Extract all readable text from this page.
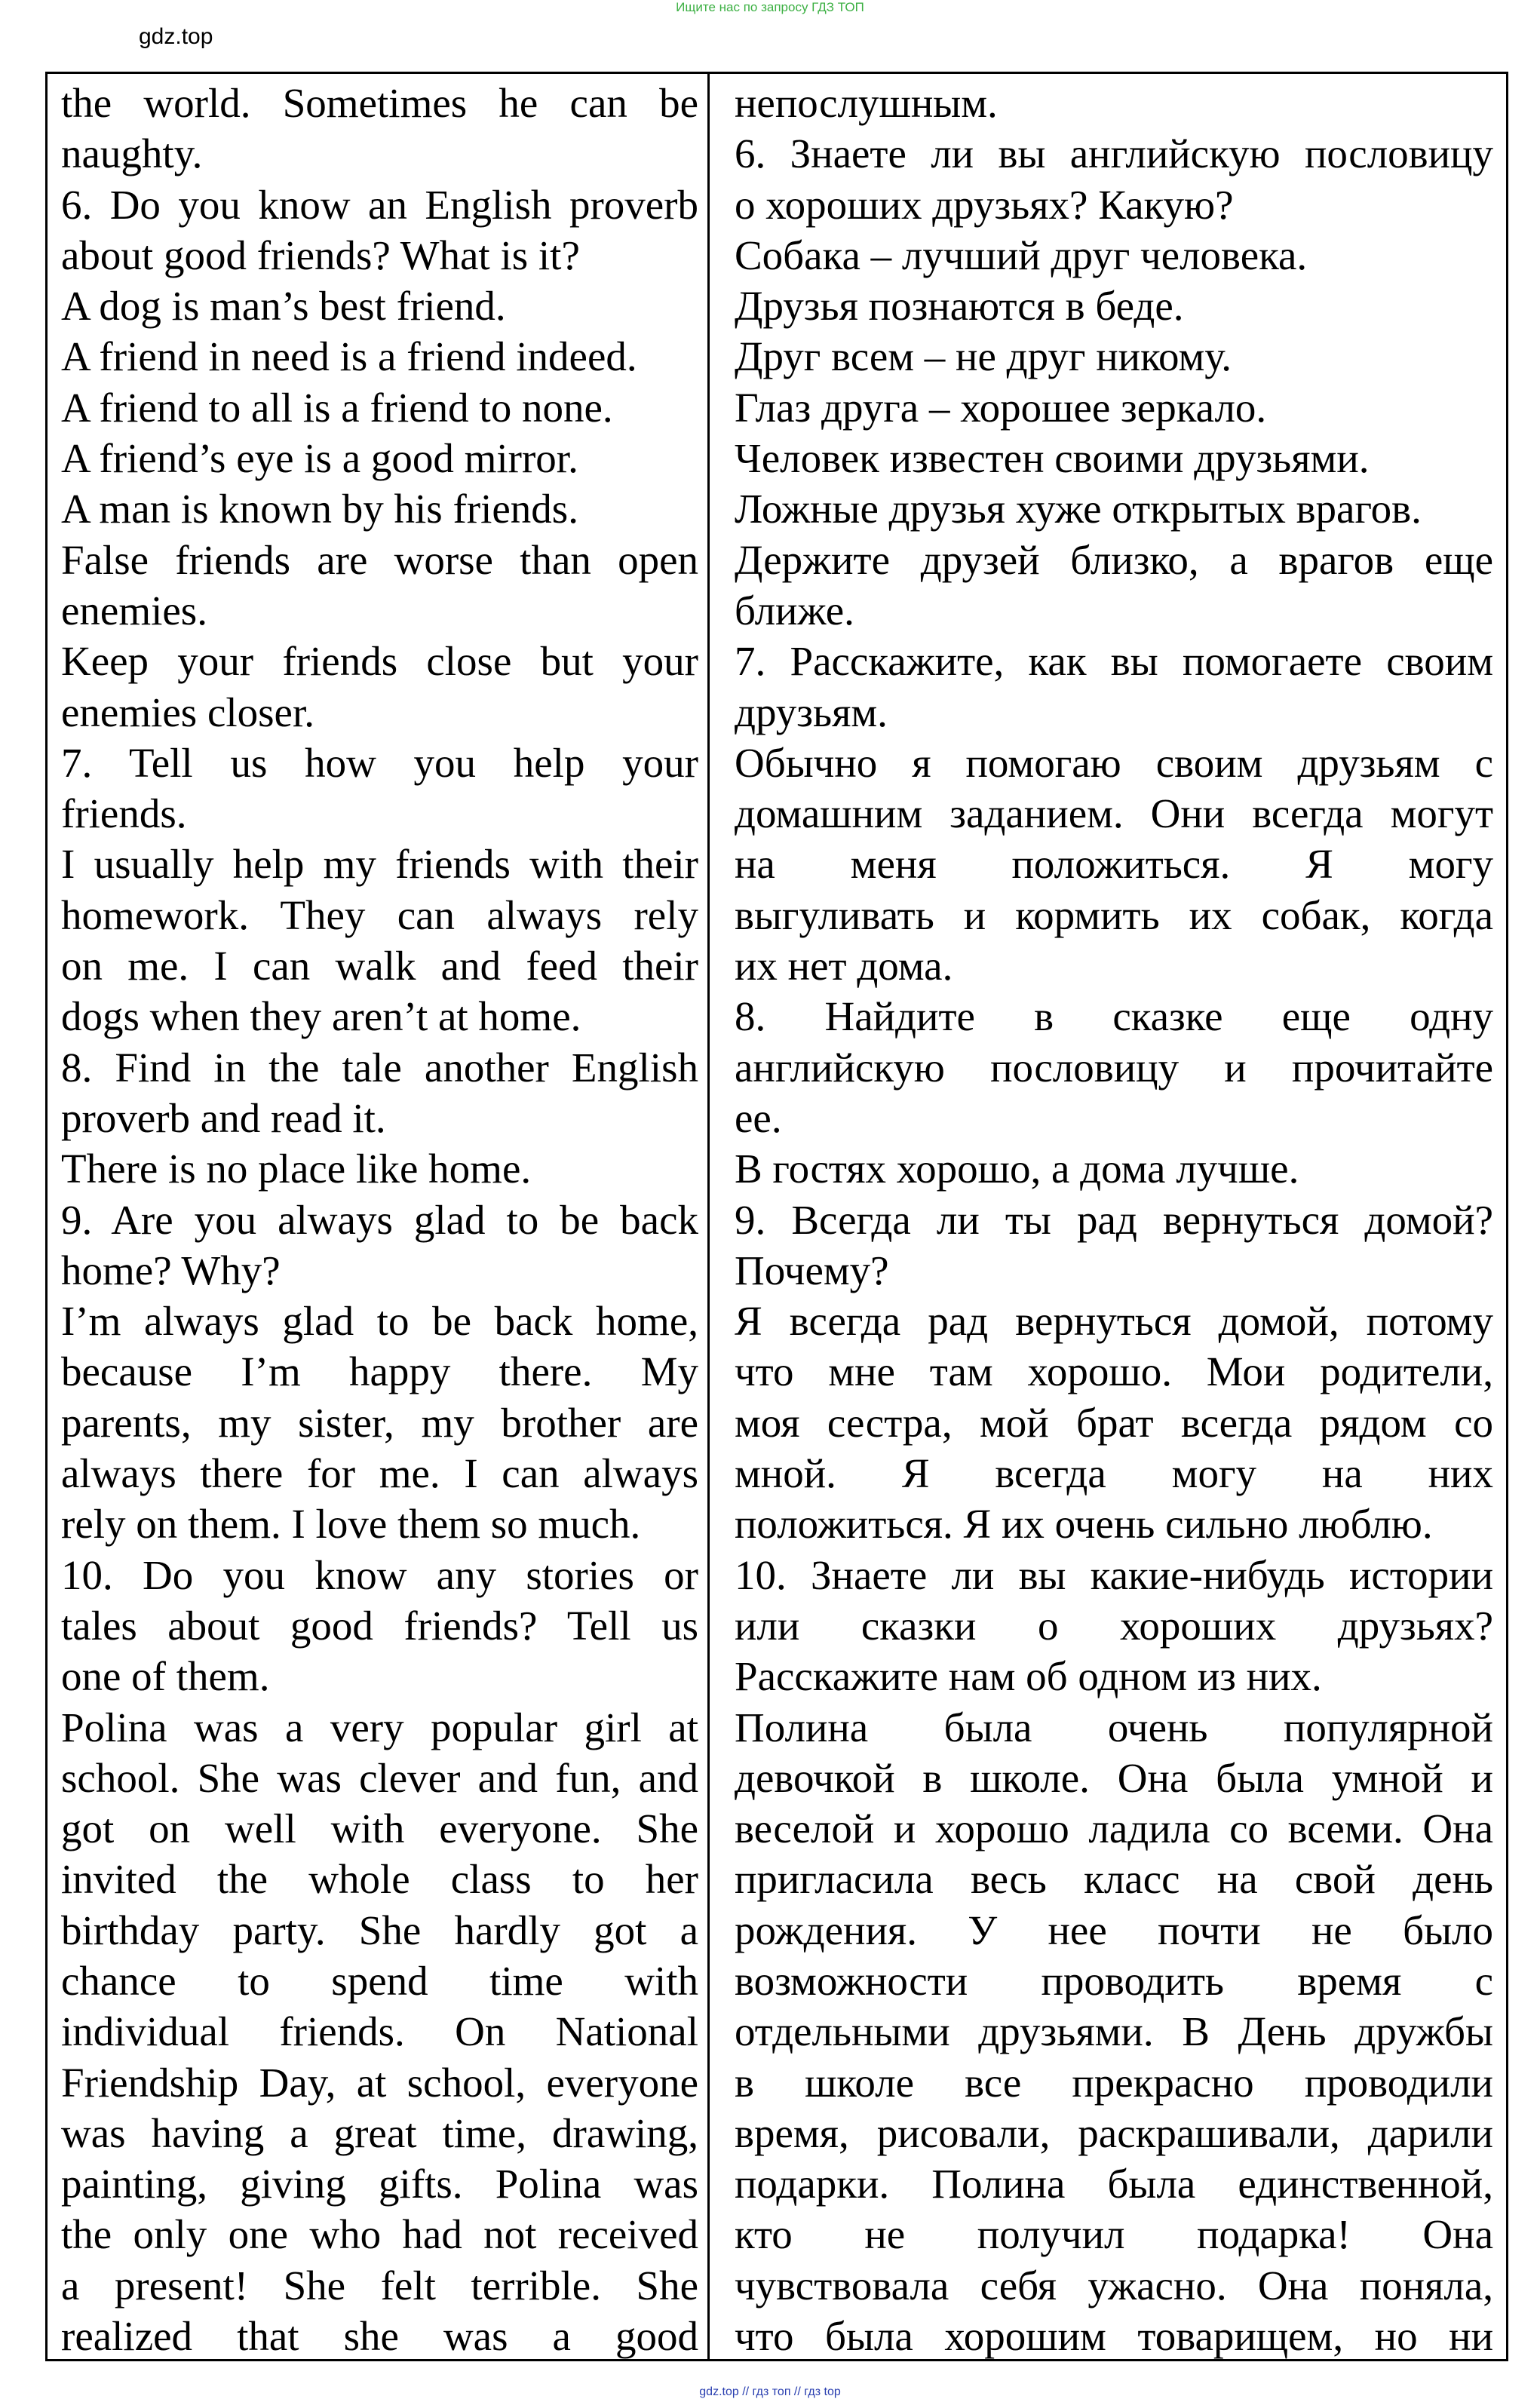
Ищите нас по запросу ГДЗ ТОП
gdz.top
the world. Sometimes he can be
naughty.
6. Do you know an English proverb
about good friends? What is it?
A dog is man’s best friend.
A friend in need is a friend indeed.
A friend to all is a friend to none.
A friend’s eye is a good mirror.
A man is known by his friends.
False friends are worse than open
enemies.
Keep your friends close but your
enemies closer.
7. Tell us how you help your
friends.
I usually help my friends with their
homework. They can always rely
on me. I can walk and feed their
dogs when they aren’t at home.
8. Find in the tale another English
proverb and read it.
There is no place like home.
9. Are you always glad to be back
home? Why?
I’m always glad to be back home,
because I’m happy there. My
parents, my sister, my brother are
always there for me. I can always
rely on them. I love them so much.
10. Do you know any stories or
tales about good friends? Tell us
one of them.
Polina was a very popular girl at
school. She was clever and fun, and
got on well with everyone. She
invited the whole class to her
birthday party. She hardly got a
chance to spend time with
individual friends. On National
Friendship Day, at school, everyone
was having a great time, drawing,
painting, giving gifts. Polina was
the only one who had not received
a present! She felt terrible. She
realized that she was a good
непослушным.
6. Знаете ли вы английскую пословицу
о хороших друзьях? Какую?
Собака – лучший друг человека.
Друзья познаются в беде.
Друг всем – не друг никому.
Глаз друга – хорошее зеркало.
Человек известен своими друзьями.
Ложные друзья хуже открытых врагов.
Держите друзей близко, а врагов еще
ближе.
7. Расскажите, как вы помогаете своим
друзьям.
Обычно я помогаю своим друзьям с
домашним заданием. Они всегда могут
на меня положиться. Я могу
выгуливать и кормить их собак, когда
их нет дома.
8. Найдите в сказке еще одну
английскую пословицу и прочитайте
ее.
В гостях хорошо, а дома лучше.
9. Всегда ли ты рад вернуться домой?
Почему?
Я всегда рад вернуться домой, потому
что мне там хорошо. Мои родители,
моя сестра, мой брат всегда рядом со
мной. Я всегда могу на них
положиться. Я их очень сильно люблю.
10. Знаете ли вы какие-нибудь истории
или сказки о хороших друзьях?
Расскажите нам об одном из них.
Полина была очень популярной
девочкой в школе. Она была умной и
веселой и хорошо ладила со всеми. Она
пригласила весь класс на свой день
рождения. У нее почти не было
возможности проводить время с
отдельными друзьями. В День дружбы
в школе все прекрасно проводили
время, рисовали, раскрашивали, дарили
подарки. Полина была единственной,
кто не получил подарка! Она
чувствовала себя ужасно. Она поняла,
что была хорошим товарищем, но ни
gdz.top // гдз топ // гдз top
